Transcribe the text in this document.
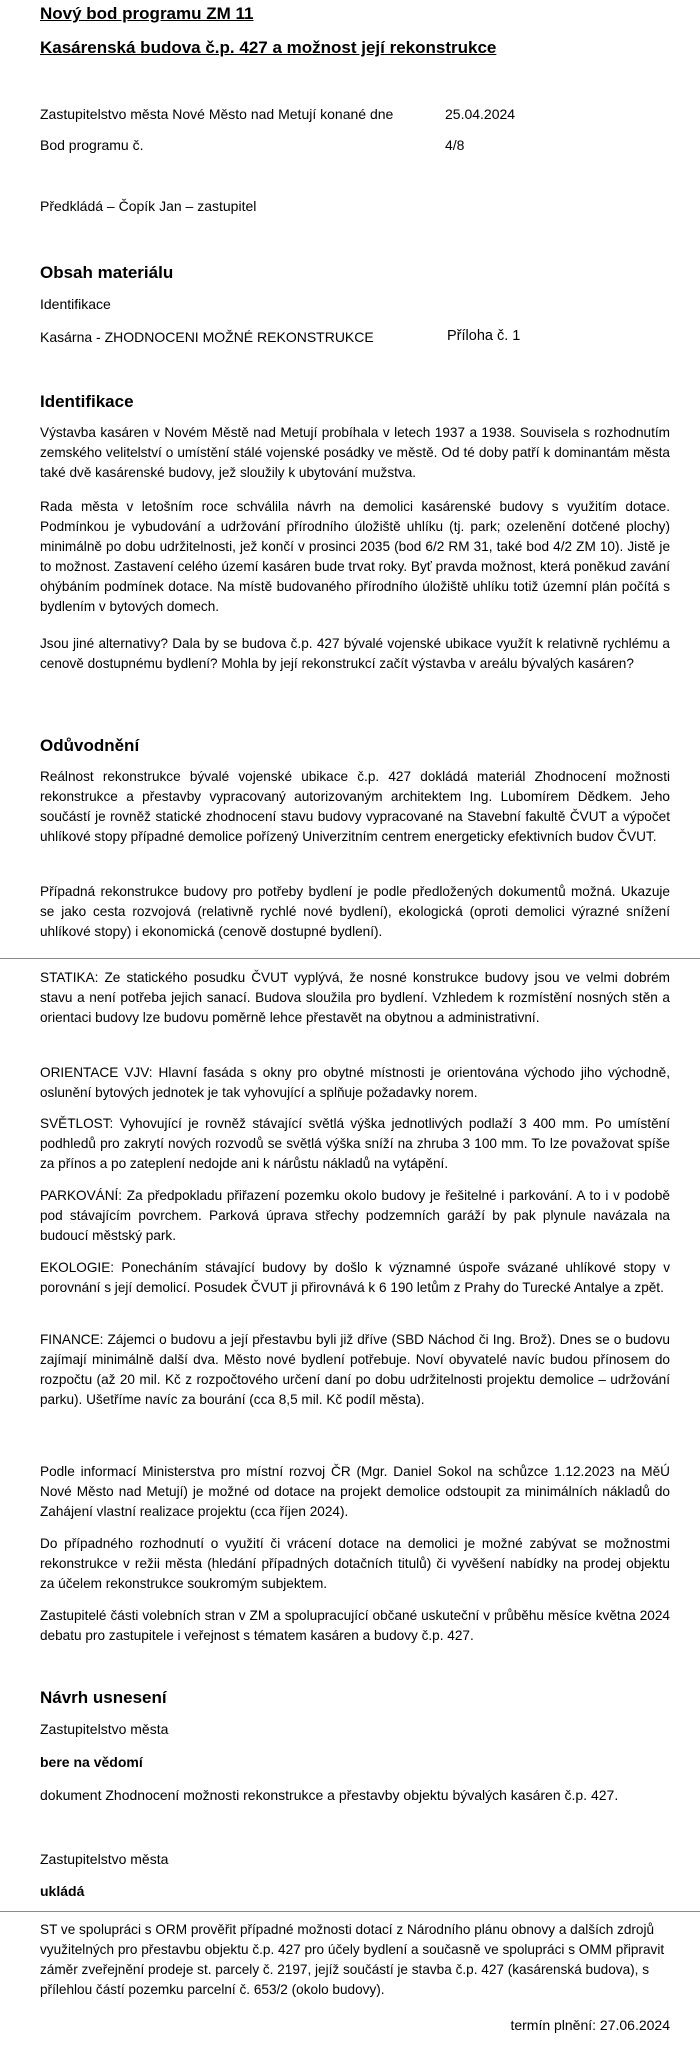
Nový bod programu ZM 11
Kasárenská budova č.p. 427 a možnost její rekonstrukce
Zastupitelstvo města Nové Město nad Metují konané dne	25.04.2024
Bod programu č.	4/8
Předkládá – Čopík Jan – zastupitel
Obsah materiálu
Identifikace
Kasárna - ZHODNOCENI MOŽNÉ REKONSTRUKCE	Příloha č. 1
Identifikace

Výstavba kasáren v Novém Městě nad Metují probíhala v letech 1937 a 1938. Souvisela s rozhodnutím zemského velitelství o umístění stálé vojenské posádky ve městě. Od té doby patří k dominantám města také dvě kasárenské budovy, jež sloužily k ubytování mužstva.

Rada města v letošním roce schválila návrh na demolici kasárenské budovy s využitím dotace. Podmínkou je vybudování a udržování přírodního úložiště uhlíku (tj. park; ozelenění dotčené plochy) minimálně po dobu udržitelnosti, jež končí v prosinci 2035 (bod 6/2 RM 31, také bod 4/2 ZM 10). Jistě je to možnost. Zastavení celého území kasáren bude trvat roky. Byť pravda možnost, která poněkud zavání ohýbáním podmínek dotace. Na místě budovaného přírodního úložiště uhlíku totiž územní plán počítá s bydlením v bytových domech.

Jsou jiné alternativy? Dala by se budova č.p. 427 bývalé vojenské ubikace využít k relativně rychlému a cenově dostupnému bydlení? Mohla by její rekonstrukcí začít výstavba v areálu bývalých kasáren?

Odůvodnění

Reálnost rekonstrukce bývalé vojenské ubikace č.p. 427 dokládá materiál Zhodnocení možnosti rekonstrukce a přestavby vypracovaný autorizovaným architektem Ing. Lubomírem Dědkem. Jeho součástí je rovněž statické zhodnocení stavu budovy vypracované na Stavební fakultě ČVUT a výpočet uhlíkové stopy případné demolice pořízený Univerzitním centrem energeticky efektivních budov ČVUT.

Případná rekonstrukce budovy pro potřeby bydlení je podle předložených dokumentů možná. Ukazuje se jako cesta rozvojová (relativně rychlé nové bydlení), ekologická (oproti demolici výrazné snížení uhlíkové stopy) i ekonomická (cenově dostupné bydlení).

STATIKA: Ze statického posudku ČVUT vyplývá, že nosné konstrukce budovy jsou ve velmi dobrém stavu a není potřeba jejich sanací. Budova sloužila pro bydlení. Vzhledem k rozmístění nosných stěn a orientaci budovy lze budovu poměrně lehce přestavět na obytnou a administrativní.

ORIENTACE VJV: Hlavní fasáda s okny pro obytné místnosti je orientována východo jiho východně, oslunění bytových jednotek je tak vyhovující a splňuje požadavky norem.

SVĚTLOST: Vyhovující je rovněž stávající světlá výška jednotlivých podlaží 3 400 mm. Po umístění podhledů pro zakrytí nových rozvodů se světlá výška sníží na zhruba 3 100 mm. To lze považovat spíše za přínos a po zateplení nedojde ani k nárůstu nákladů na vytápění.

PARKOVÁNÍ: Za předpokladu přiřazení pozemku okolo budovy je řešitelné i parkování. A to i v podobě pod stávajícím povrchem. Parková úprava střechy podzemních garáží by pak plynule navázala na budoucí městský park.

EKOLOGIE: Ponecháním stávající budovy by došlo k významné úspoře svázané uhlíkové stopy v porovnání s její demolicí. Posudek ČVUT ji přirovnává k 6 190 letům z Prahy do Turecké Antalye a zpět.

FINANCE: Zájemci o budovu a její přestavbu byli již dříve (SBD Náchod či Ing. Brož). Dnes se o budovu zajímají minimálně další dva. Město nové bydlení potřebuje. Noví obyvatelé navíc budou přínosem do rozpočtu (až 20 mil. Kč z rozpočtového určení daní po dobu udržitelnosti projektu demolice – udržování parku). Ušetříme navíc za bourání (cca 8,5 mil. Kč podíl města).

Podle informací Ministerstva pro místní rozvoj ČR (Mgr. Daniel Sokol na schůzce 1.12.2023 na MěÚ Nové Město nad Metují) je možné od dotace na projekt demolice odstoupit za minimálních nákladů do Zahájení vlastní realizace projektu (cca říjen 2024).

Do případného rozhodnutí o využití či vrácení dotace na demolici je možné zabývat se možnostmi rekonstrukce v režii města (hledání případných dotačních titulů) či vyvěšení nabídky na prodej objektu za účelem rekonstrukce soukromým subjektem.

Zastupitelé části volebních stran v ZM a spolupracující občané uskuteční v průběhu měsíce května 2024 debatu pro zastupitele i veřejnost s tématem kasáren a budovy č.p. 427.

Návrh usnesení
Zastupitelstvo města
bere na vědomí
dokument Zhodnocení možnosti rekonstrukce a přestavby objektu bývalých kasáren č.p. 427.
Zastupitelstvo města
ukládá

ST ve spolupráci s ORM prověřit případné možnosti dotací z Národního plánu obnovy a dalších zdrojů využitelných pro přestavbu objektu č.p. 427 pro účely bydlení a současně ve spolupráci s OMM připravit záměr zveřejnění prodeje st. parcely č. 2197, jejíž součástí je stavba č.p. 427 (kasárenská budova), s přílehlou částí pozemku parcelní č. 653/2 (okolo budovy).

termín plnění: 27.06.2024
